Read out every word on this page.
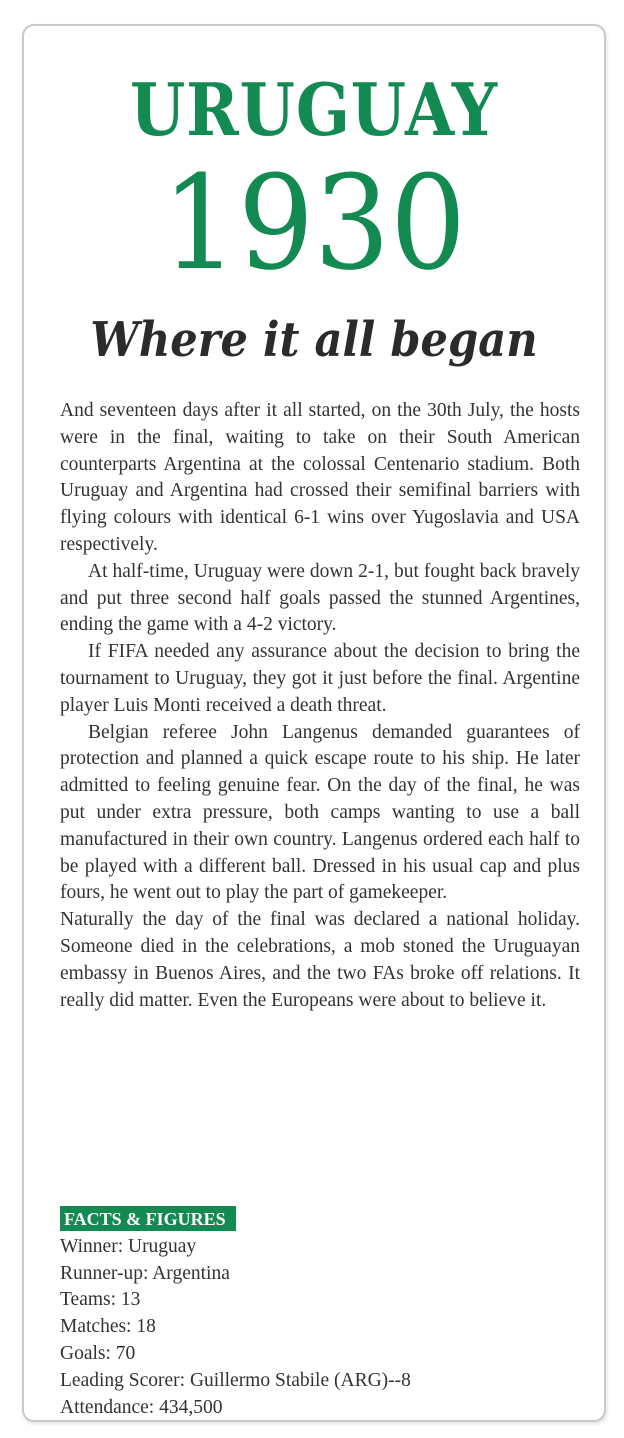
URUGUAY
1930
Where it all began

And seventeen days after it all started, on the 30th July, the hosts were in the final, waiting to take on their South American counterparts Argentina at the colossal Centenario stadium. Both Uruguay and Argentina had crossed their semifinal barriers with flying colours with identical 6-1 wins over Yugoslavia and USA respectively.

At half-time, Uruguay were down 2-1, but fought back bravely and put three second half goals passed the stunned Argentines, ending the game with a 4-2 victory.

If FIFA needed any assurance about the decision to bring the tournament to Uruguay, they got it just before the final. Argentine player Luis Monti received a death threat.

Belgian referee John Langenus demanded guarantees of protection and planned a quick escape route to his ship. He later admitted to feeling genuine fear. On the day of the final, he was put under extra pressure, both camps wanting to use a ball manufactured in their own country. Langenus ordered each half to be played with a different ball. Dressed in his usual cap and plus fours, he went out to play the part of gamekeeper.

Naturally the day of the final was declared a national holiday. Someone died in the celebrations, a mob stoned the Uruguayan embassy in Buenos Aires, and the two FAs broke off relations. It really did matter. Even the Europeans were about to believe it.

FACTS & FIGURES
Winner: Uruguay
Runner-up: Argentina
Teams: 13
Matches: 18
Goals: 70
Leading Scorer: Guillermo Stabile (ARG)--8
Attendance: 434,500
